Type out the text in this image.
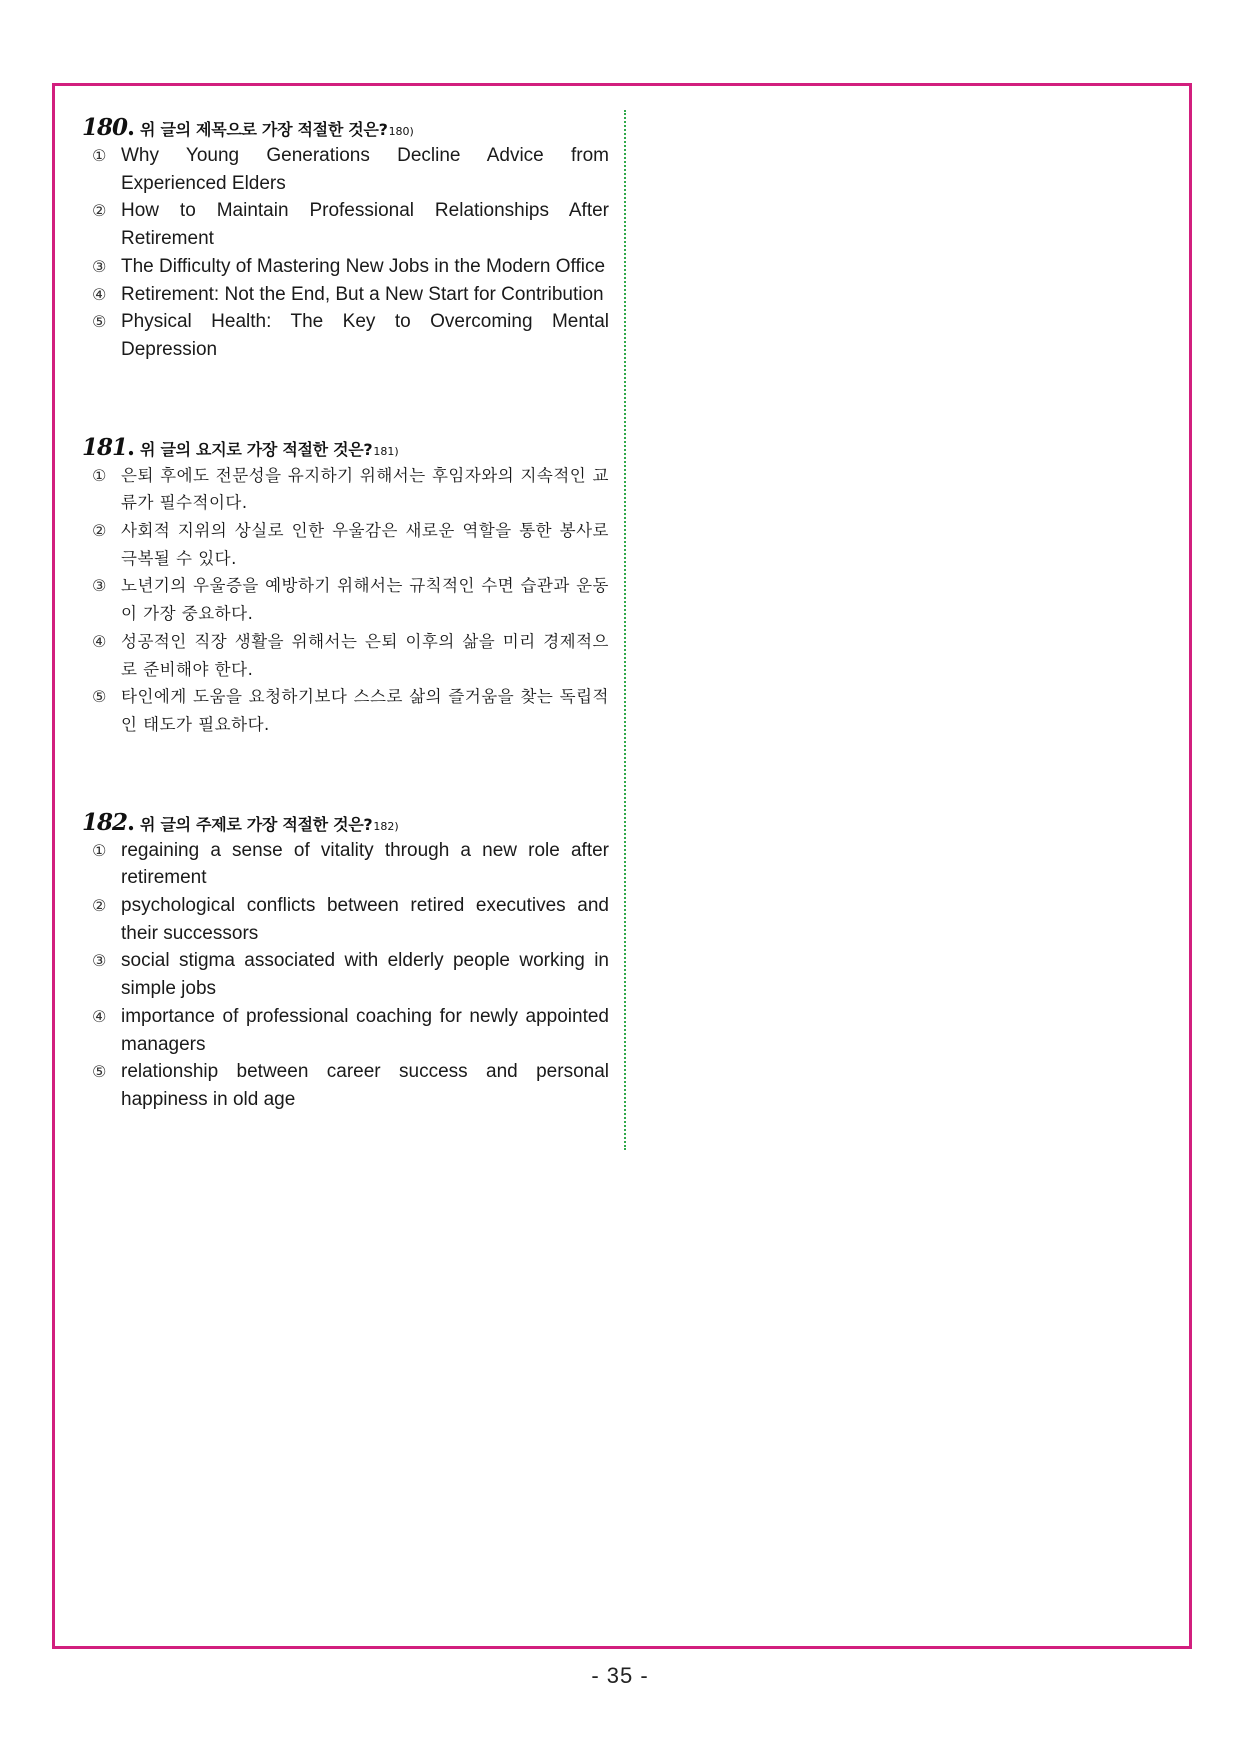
180 . 위 글의 제목으로 가장 적절한 것은? 180)
① Why Young Generations Decline Advice from Experienced Elders
② How to Maintain Professional Relationships After Retirement
③ The Difficulty of Mastering New Jobs in the Modern Office
④ Retirement: Not the End, But a New Start for Contribution
⑤ Physical Health: The Key to Overcoming Mental Depression
181 . 위 글의 요지로 가장 적절한 것은? 181)
① 은퇴 후에도 전문성을 유지하기 위해서는 후임자와의 지속적인 교류가 필수적이다.
② 사회적 지위의 상실로 인한 우울감은 새로운 역할을 통한 봉사로 극복될 수 있다.
③ 노년기의 우울증을 예방하기 위해서는 규칙적인 수면 습관과 운동이 가장 중요하다.
④ 성공적인 직장 생활을 위해서는 은퇴 이후의 삶을 미리 경제적으로 준비해야 한다.
⑤ 타인에게 도움을 요청하기보다 스스로 삶의 즐거움을 찾는 독립적인 태도가 필요하다.
182 . 위 글의 주제로 가장 적절한 것은? 182)
① regaining a sense of vitality through a new role after retirement
② psychological conflicts between retired executives and their successors
③ social stigma associated with elderly people working in simple jobs
④ importance of professional coaching for newly appointed managers
⑤ relationship between career success and personal happiness in old age
- 35 -
